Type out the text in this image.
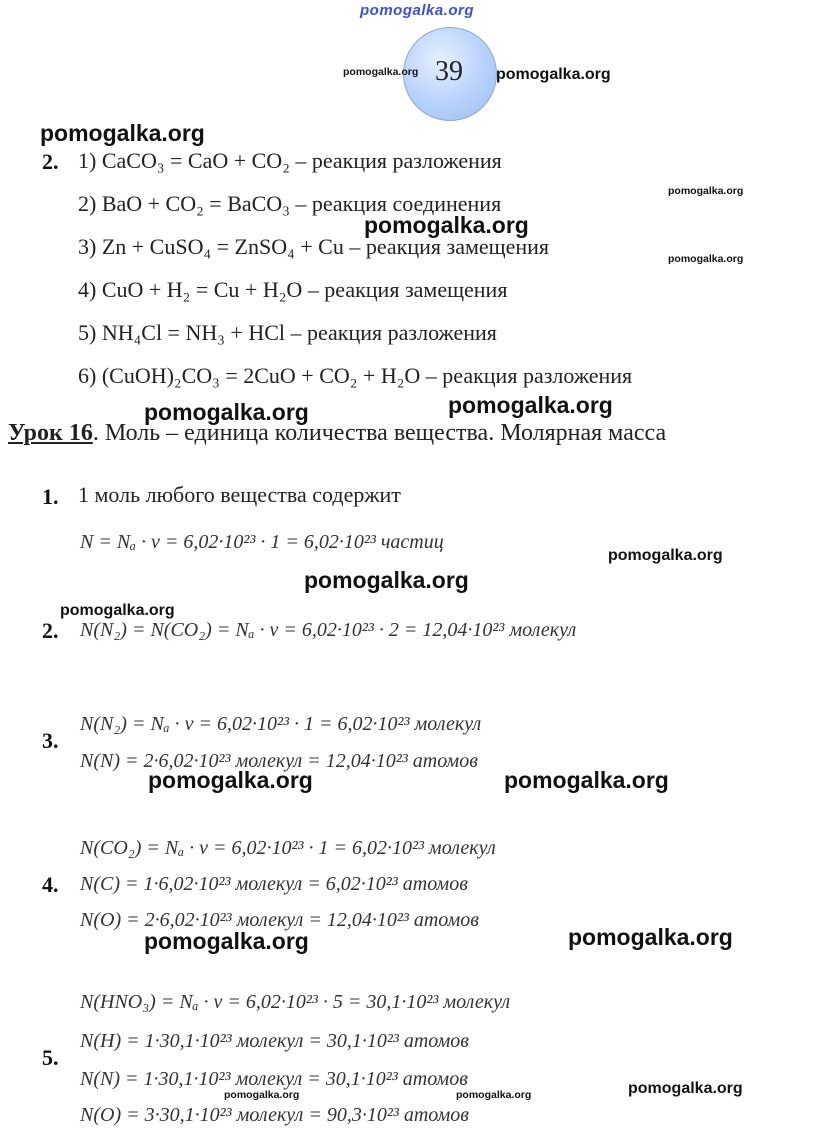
pomogalka.org
39
pomogalka.org	pomogalka.org
pomogalka.org
2. 1) CaCO₃ = CaO + CO₂ – реакция разложения
2) BaO + CO₂ = BaCO₃ – реакция соединения	pomogalka.org
pomogalka.org
3) Zn + CuSO₄ = ZnSO₄ + Cu – реакция замещения	pomogalka.org
4) CuO + H₂ = Cu + H₂O – реакция замещения
5) NH₄Cl = NH₃ + HCl – реакция разложения
6) (CuOH)₂CO₃ = 2CuO + CO₂ + H₂O – реакция разложения
pomogalka.org	pomogalka.org
Урок 16. Моль – единица количества вещества. Молярная масса
1. 1 моль любого вещества содержит
N = Nₐ · ν = 6,02·10²³ · 1 = 6,02·10²³ частиц
pomogalka.org
pomogalka.org
pomogalka.org
2. N(N₂) = N(CO₂) = Nₐ · ν = 6,02·10²³ · 2 = 12,04·10²³ молекул
N(N₂) = Nₐ · ν = 6,02·10²³ · 1 = 6,02·10²³ молекул
3.
N(N) = 2·6,02·10²³ молекул = 12,04·10²³ атомов
pomogalka.org	pomogalka.org
N(CO₂) = Nₐ · ν = 6,02·10²³ · 1 = 6,02·10²³ молекул
4. N(C) = 1·6,02·10²³ молекул = 6,02·10²³ атомов
N(O) = 2·6,02·10²³ молекул = 12,04·10²³ атомов
pomogalka.org	pomogalka.org
N(HNO₃) = Nₐ · ν = 6,02·10²³ · 5 = 30,1·10²³ молекул
N(H) = 1·30,1·10²³ молекул = 30,1·10²³ атомов
5.
N(N) = 1·30,1·10²³ молекул = 30,1·10²³ атомов	pomogalka.org
pomogalka.org	pomogalka.org
N(O) = 3·30,1·10²³ молекул = 90,3·10²³ атомов
